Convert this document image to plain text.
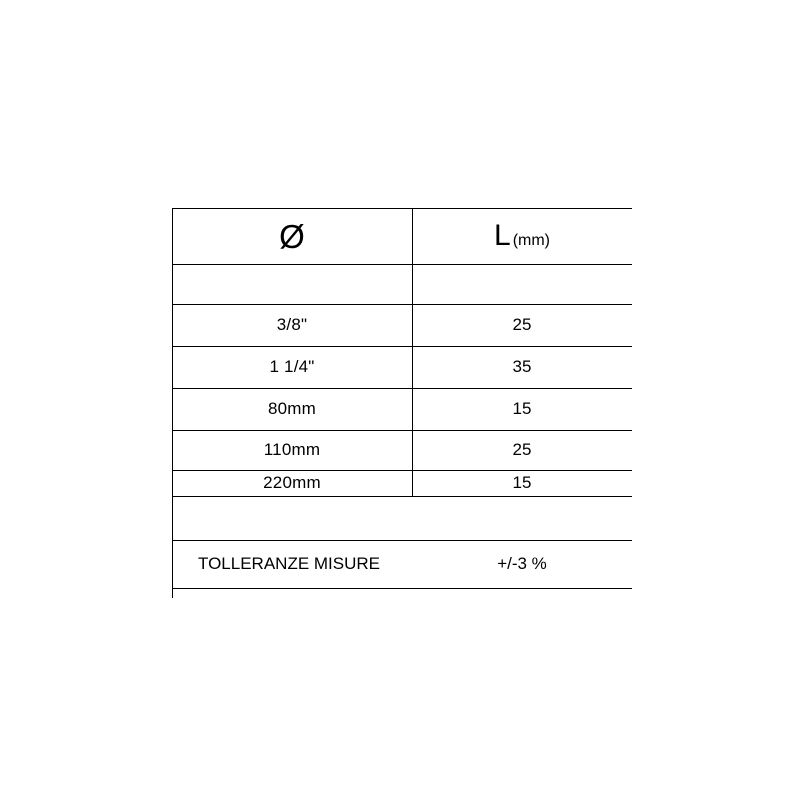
Ø	L (mm)
3/8"	25
1 1/4"	35
80mm	15
110mm	25
220mm	15
TOLLERANZE MISURE	+/-3 %
